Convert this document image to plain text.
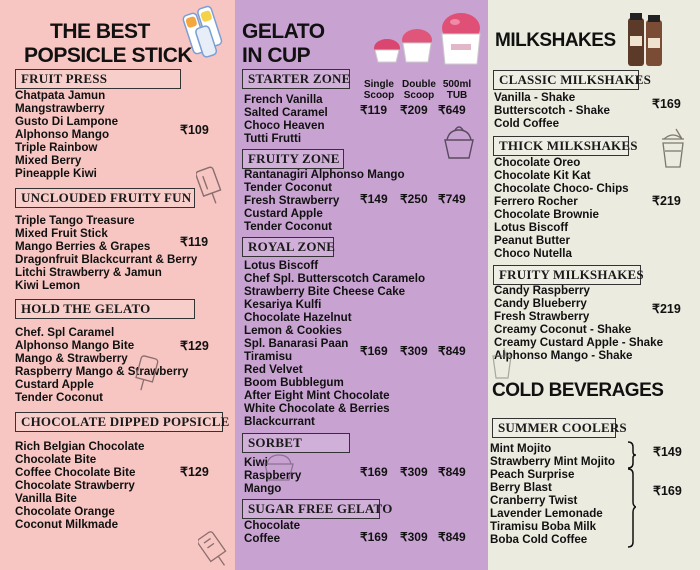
THE BEST
POPSICLE STICK
FRUIT PRESS
Chatpata Jamun
Mangstrawberry
Gusto Di Lampone
Alphonso Mango
Triple Rainbow
Mixed Berry
Pineapple Kiwi
₹109
UNCLOUDED FRUITY FUN
Triple Tango Treasure
Mixed Fruit Stick
Mango Berries & Grapes
Dragonfruit Blackcurrant & Berry
Litchi Strawberry & Jamun
Kiwi Lemon
₹119
HOLD THE GELATO
Chef. Spl Caramel
Alphonso Mango Bite
Mango & Strawberry
Raspberry Mango & Strawberry
Custard Apple
Tender Coconut
₹129
CHOCOLATE DIPPED POPSICLE
Rich Belgian Chocolate
Chocolate Bite
Coffee Chocolate Bite
Chocolate Strawberry
Vanilla Bite
Chocolate Orange
Coconut Milkmade
₹129
GELATO
IN CUP
Single Scoop
Double Scoop
500ml TUB
STARTER ZONE
French Vanilla
Salted Caramel
Choco Heaven
Tutti Frutti
₹119 ₹209 ₹649
FRUITY ZONE
Rantanagiri Alphonso Mango
Tender Coconut
Fresh Strawberry
Custard Apple
Tender Coconut
₹149 ₹250 ₹749
ROYAL ZONE
Lotus Biscoff
Chef Spl. Butterscotch Caramelo
Strawberry Bite Cheese Cake
Kesariya Kulfi
Chocolate Hazelnut
Lemon & Cookies
Spl. Banarasi Paan
Tiramisu
Red Velvet
Boom Bubblegum
After Eight Mint Chocolate
White Chocolate & Berries
Blackcurrant
₹169 ₹309 ₹849
SORBET
Kiwi
Raspberry
Mango
₹169 ₹309 ₹849
SUGAR FREE GELATO
Chocolate
Coffee	₹169 ₹309 ₹849
MILKSHAKES
CLASSIC MILKSHAKES
Vanilla - Shake
Butterscotch - Shake
Cold Coffee
₹169
THICK MILKSHAKES
Chocolate Oreo
Chocolate Kit Kat
Chocolate Choco- Chips
Ferrero Rocher
Chocolate Brownie
Lotus Biscoff
Peanut Butter
Choco Nutella
₹219
FRUITY MILKSHAKES
Candy Raspberry
Candy Blueberry
Fresh Strawberry
Creamy Coconut - Shake
Creamy Custard Apple - Shake
Alphonso Mango - Shake
₹219
COLD BEVERAGES
SUMMER COOLERS
Mint Mojito
Strawberry Mint Mojito
₹149
Peach Surprise
Berry Blast
Cranberry Twist
Lavender Lemonade
Tiramisu Boba Milk
Boba Cold Coffee
₹169
